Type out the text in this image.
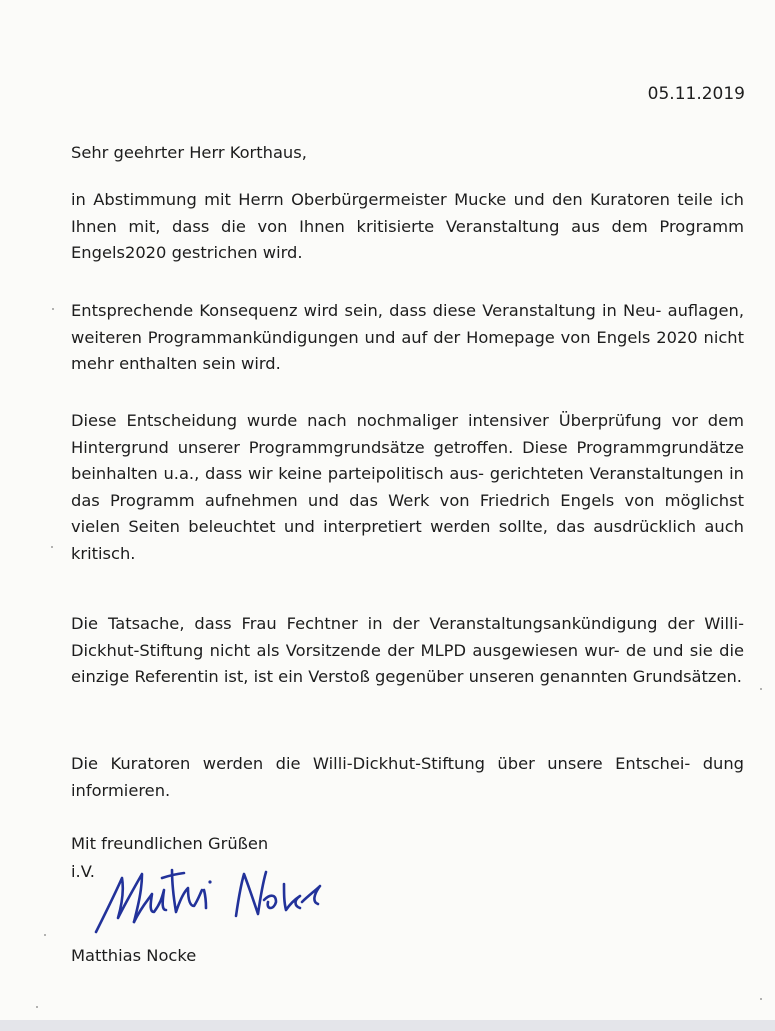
05.11.2019

Sehr geehrter Herr Korthaus,

in Abstimmung mit Herrn Oberbürgermeister Mucke und den Kuratoren teile ich Ihnen mit, dass die von Ihnen kritisierte Veranstaltung aus dem Programm Engels2020 gestrichen wird.

Entsprechende Konsequenz wird sein, dass diese Veranstaltung in Neu- auflagen, weiteren Programmankündigungen und auf der Homepage von Engels 2020 nicht mehr enthalten sein wird.

Diese Entscheidung wurde nach nochmaliger intensiver Überprüfung vor dem Hintergrund unserer Programmgrundsätze getroffen. Diese Programmgrundätze beinhalten u.a., dass wir keine parteipolitisch aus- gerichteten Veranstaltungen in das Programm aufnehmen und das Werk von Friedrich Engels von möglichst vielen Seiten beleuchtet und interpretiert werden sollte, das ausdrücklich auch kritisch.

Die Tatsache, dass Frau Fechtner in der Veranstaltungsankündigung der Willi-Dickhut-Stiftung nicht als Vorsitzende der MLPD ausgewiesen wur- de und sie die einzige Referentin ist, ist ein Verstoß gegenüber unseren genannten Grundsätzen.

Die Kuratoren werden die Willi-Dickhut-Stiftung über unsere Entschei- dung informieren.

Mit freundlichen Grüßen

i.V.

Matthias Nocke
